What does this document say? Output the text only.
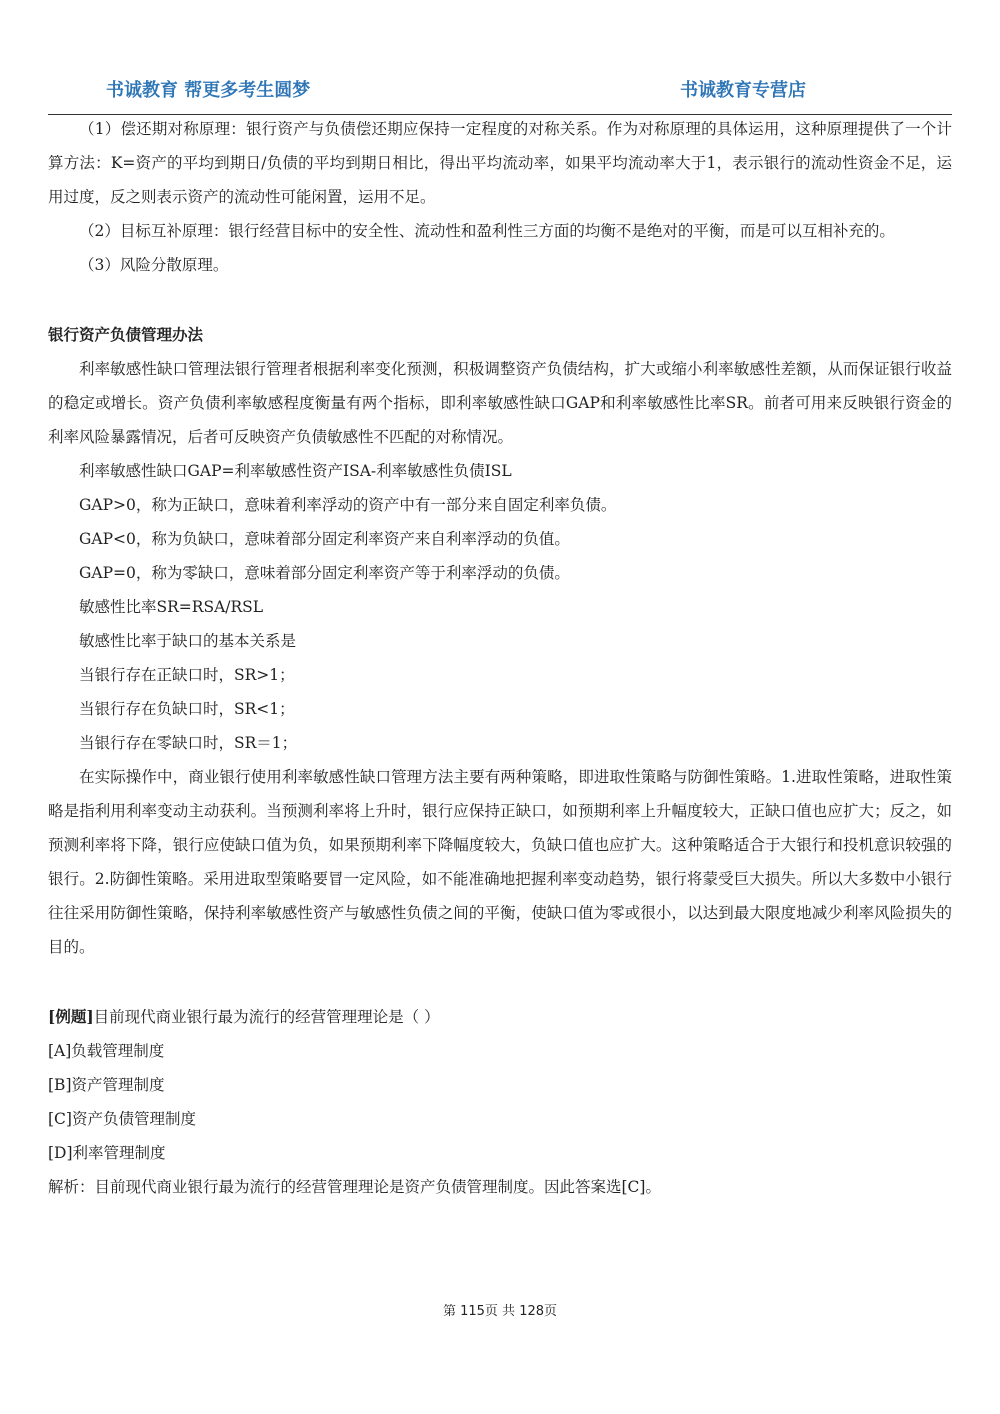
书诚教育 帮更多考生圆梦	书诚教育专营店

（1）偿还期对称原理：银行资产与负债偿还期应保持一定程度的对称关系。作为对称原理的具体运用，这种原理提供了一个计算方法：K=资产的平均到期日/负债的平均到期日相比，得出平均流动率，如果平均流动率大于1，表示银行的流动性资金不足，运用过度，反之则表示资产的流动性可能闲置，运用不足。

（2）目标互补原理：银行经营目标中的安全性、流动性和盈利性三方面的均衡不是绝对的平衡，而是可以互相补充的。

（3）风险分散原理。

银行资产负债管理办法

利率敏感性缺口管理法银行管理者根据利率变化预测，积极调整资产负债结构，扩大或缩小利率敏感性差额，从而保证银行收益的稳定或增长。资产负债利率敏感程度衡量有两个指标，即利率敏感性缺口GAP和利率敏感性比率SR。前者可用来反映银行资金的利率风险暴露情况，后者可反映资产负债敏感性不匹配的对称情况。

利率敏感性缺口GAP=利率敏感性资产ISA-利率敏感性负债ISL

GAP>0，称为正缺口，意味着利率浮动的资产中有一部分来自固定利率负债。

GAP<0，称为负缺口，意味着部分固定利率资产来自利率浮动的负值。

GAP=0，称为零缺口，意味着部分固定利率资产等于利率浮动的负债。

敏感性比率SR=RSA/RSL

敏感性比率于缺口的基本关系是

当银行存在正缺口时，SR>1；

当银行存在负缺口时，SR<1；

当银行存在零缺口时，SR＝1；

在实际操作中，商业银行使用利率敏感性缺口管理方法主要有两种策略，即进取性策略与防御性策略。1.进取性策略，进取性策略是指利用利率变动主动获利。当预测利率将上升时，银行应保持正缺口，如预期利率上升幅度较大，正缺口值也应扩大；反之，如预测利率将下降，银行应使缺口值为负，如果预期利率下降幅度较大，负缺口值也应扩大。这种策略适合于大银行和投机意识较强的银行。2.防御性策略。采用进取型策略要冒一定风险，如不能准确地把握利率变动趋势，银行将蒙受巨大损失。所以大多数中小银行往往采用防御性策略，保持利率敏感性资产与敏感性负债之间的平衡，使缺口值为零或很小，以达到最大限度地减少利率风险损失的目的。

[例题]目前现代商业银行最为流行的经营管理理论是（ ）

[A]负载管理制度

[B]资产管理制度

[C]资产负债管理制度

[D]利率管理制度

解析：目前现代商业银行最为流行的经营管理理论是资产负债管理制度。因此答案选[C]。

第 115页 共 128页
